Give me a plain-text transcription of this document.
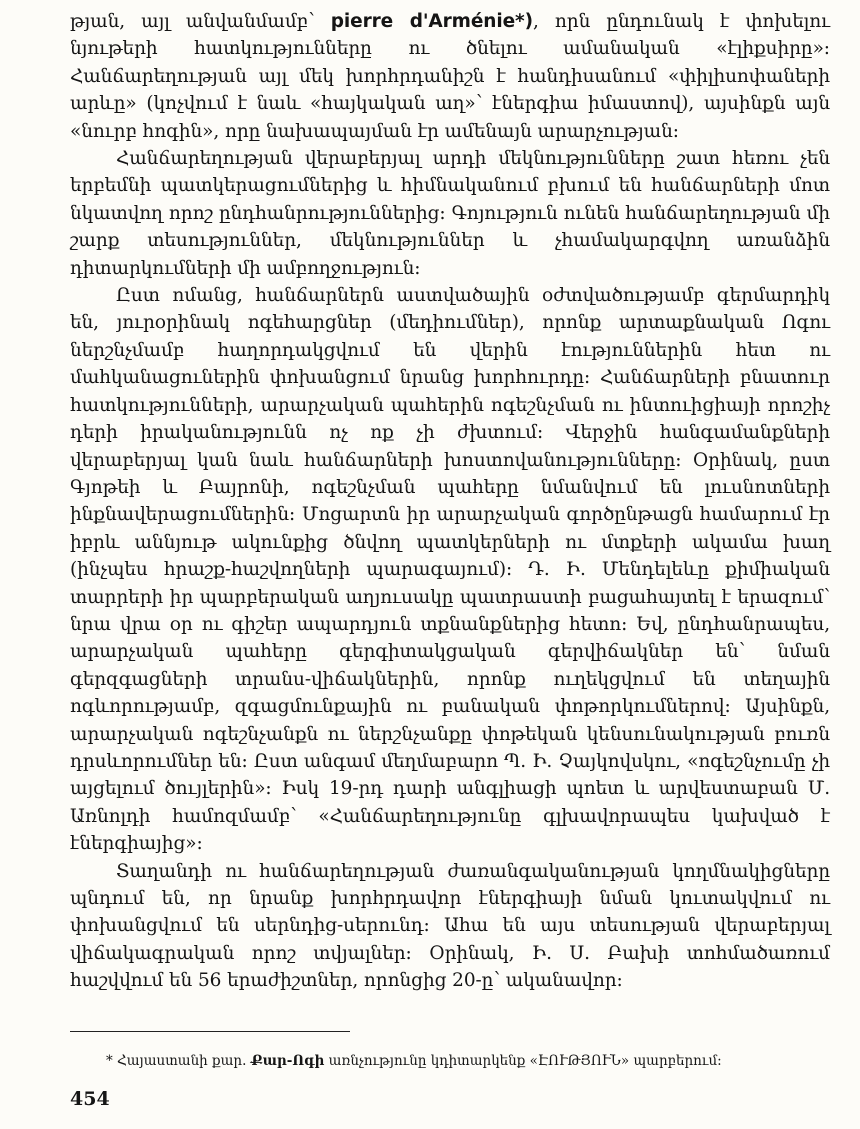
թյան, այլ անվանմամբ՝ pierre d'Arménie*), որն ընդունակ է փոխելու նյութերի հատկությունները ու ծնելու ամանական «էլիքսիրը»։ Հանճարեղության այլ մեկ խորհրդանիշն է հանդիսանում «փիլիսոփաների արևը» (կոչվում է նաև «հայկական աղ»՝ էներգիա իմաստով), այսինքն այն «նուրբ հոգին», որը նախապայման էր ամենայն արարչության։

Հանճարեղության վերաբերյալ արդի մեկնությունները շատ հեռու չեն երբեմնի պատկերացումներից և հիմնականում բխում են հանճարների մոտ նկատվող որոշ ընդհանրություններից։ Գոյություն ունեն հանճարեղության մի շարք տեսություններ, մեկնություններ և չհամակարգվող առանձին դիտարկումների մի ամբողջություն։

Ըստ ոմանց, հանճարներն աստվածային օժտվածությամբ գերմարդիկ են, յուրօրինակ ոգեհարցներ (մեդիումներ), որոնք արտաքնական Ոգու ներշնչմամբ հաղորդակցվում են վերին էություններին հետ ու մահկանացուներին փոխանցում նրանց խորհուրդը։ Հանճարների բնատուր հատկությունների, արարչական պահերին ոգեշնչման ու ինտուիցիայի որոշիչ դերի իրականությունն ոչ ոք չի ժխտում։ Վերջին հանգամանքների վերաբերյալ կան նաև հանճարների խոստովանությունները։ Օրինակ, ըստ Գյոթեի և Բայրոնի, ոգեշնչման պահերը նմանվում են լուսնոտների ինքնավերացումներին։ Մոցարտն իր արարչական գործընթացն համարում էր իբրև աննյութ ակունքից ծնվող պատկերների ու մտքերի ակամա խաղ (ինչպես հրաշք-հաշվողների պարագայում)։ Դ. Ի. Մենդելեևը քիմիական տարրերի իր պարբերական աղյուսակը պատրաստի բացահայտել է երազում՝ նրա վրա օր ու գիշեր ապարդյուն տքնանքներից հետո։ Եվ, ընդհանրապես, արարչական պահերը գերգիտակցական գերվիճակներ են՝ նման գերզգացների տրանս-վիճակներին, որոնք ուղեկցվում են տեղային ոգևորությամբ, զգացմունքային ու բանական փոթորկումներով։ Այսինքն, արարչական ոգեշնչանքն ու ներշնչանքը փոթեկան կենսունակության բուռն դրսևորումներ են։ Ըստ անգամ մեղմաբարո Պ. Ի. Չայկովսկու, «ոգեշնչումը չի այցելում ծույլերին»։ Իսկ 19-րդ դարի անգլիացի պոետ և արվեստաբան Մ. Առնոլդի համոզմամբ՝ «Հանճարեղությունը գլխավորապես կախված է էներգիայից»։

Տաղանդի ու հանճարեղության ժառանգականության կողմնակիցները պնդում են, որ նրանք խորհրդավոր էներգիայի նման կուտակվում ու փոխանցվում են սերնդից-սերունդ։ Ահա են այս տեսության վերաբերյալ վիճակագրական որոշ տվյալներ։ Օրինակ, Ի. Ս. Բախի տոհմածառում հաշվվում են 56 երաժիշտներ, որոնցից 20-ը՝ ականավոր:

* Հայաստանի քար. Քար-Ոգի առնչությունը կդիտարկենք «ԷՈՒԹՅՈՒՆ» պարբերում։

454
